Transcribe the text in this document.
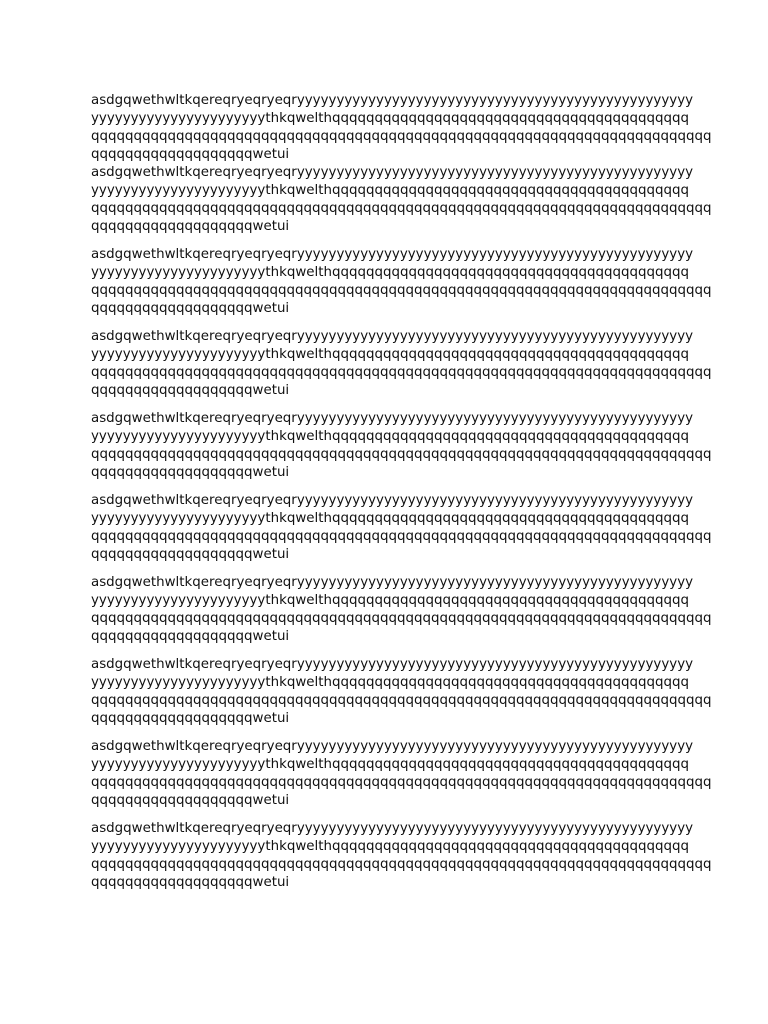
asdgqwethwltkqereqryeqryeqryyyyyyyyyyyyyyyyyyyyyyyyyyyyyyyyyyyyyyyyyyyyyyyyyy
yyyyyyyyyyyyyyyyyyyyyythkqwelthqqqqqqqqqqqqqqqqqqqqqqqqqqqqqqqqqqqqqqqqqq
qqqqqqqqqqqqqqqqqqqqqqqqqqqqqqqqqqqqqqqqqqqqqqqqqqqqqqqqqqqqqqqqqqqqqqqqq
qqqqqqqqqqqqqqqqqqqwetui
asdgqwethwltkqereqryeqryeqryyyyyyyyyyyyyyyyyyyyyyyyyyyyyyyyyyyyyyyyyyyyyyyyyy
yyyyyyyyyyyyyyyyyyyyyythkqwelthqqqqqqqqqqqqqqqqqqqqqqqqqqqqqqqqqqqqqqqqqq
qqqqqqqqqqqqqqqqqqqqqqqqqqqqqqqqqqqqqqqqqqqqqqqqqqqqqqqqqqqqqqqqqqqqqqqqq
qqqqqqqqqqqqqqqqqqqwetui
asdgqwethwltkqereqryeqryeqryyyyyyyyyyyyyyyyyyyyyyyyyyyyyyyyyyyyyyyyyyyyyyyyyy
yyyyyyyyyyyyyyyyyyyyyythkqwelthqqqqqqqqqqqqqqqqqqqqqqqqqqqqqqqqqqqqqqqqqq
qqqqqqqqqqqqqqqqqqqqqqqqqqqqqqqqqqqqqqqqqqqqqqqqqqqqqqqqqqqqqqqqqqqqqqqqq
qqqqqqqqqqqqqqqqqqqwetui
asdgqwethwltkqereqryeqryeqryyyyyyyyyyyyyyyyyyyyyyyyyyyyyyyyyyyyyyyyyyyyyyyyyy
yyyyyyyyyyyyyyyyyyyyyythkqwelthqqqqqqqqqqqqqqqqqqqqqqqqqqqqqqqqqqqqqqqqqq
qqqqqqqqqqqqqqqqqqqqqqqqqqqqqqqqqqqqqqqqqqqqqqqqqqqqqqqqqqqqqqqqqqqqqqqqq
qqqqqqqqqqqqqqqqqqqwetui
asdgqwethwltkqereqryeqryeqryyyyyyyyyyyyyyyyyyyyyyyyyyyyyyyyyyyyyyyyyyyyyyyyyy
yyyyyyyyyyyyyyyyyyyyyythkqwelthqqqqqqqqqqqqqqqqqqqqqqqqqqqqqqqqqqqqqqqqqq
qqqqqqqqqqqqqqqqqqqqqqqqqqqqqqqqqqqqqqqqqqqqqqqqqqqqqqqqqqqqqqqqqqqqqqqqq
qqqqqqqqqqqqqqqqqqqwetui
asdgqwethwltkqereqryeqryeqryyyyyyyyyyyyyyyyyyyyyyyyyyyyyyyyyyyyyyyyyyyyyyyyyy
yyyyyyyyyyyyyyyyyyyyyythkqwelthqqqqqqqqqqqqqqqqqqqqqqqqqqqqqqqqqqqqqqqqqq
qqqqqqqqqqqqqqqqqqqqqqqqqqqqqqqqqqqqqqqqqqqqqqqqqqqqqqqqqqqqqqqqqqqqqqqqq
qqqqqqqqqqqqqqqqqqqwetui
asdgqwethwltkqereqryeqryeqryyyyyyyyyyyyyyyyyyyyyyyyyyyyyyyyyyyyyyyyyyyyyyyyyy
yyyyyyyyyyyyyyyyyyyyyythkqwelthqqqqqqqqqqqqqqqqqqqqqqqqqqqqqqqqqqqqqqqqqq
qqqqqqqqqqqqqqqqqqqqqqqqqqqqqqqqqqqqqqqqqqqqqqqqqqqqqqqqqqqqqqqqqqqqqqqqq
qqqqqqqqqqqqqqqqqqqwetui
asdgqwethwltkqereqryeqryeqryyyyyyyyyyyyyyyyyyyyyyyyyyyyyyyyyyyyyyyyyyyyyyyyyy
yyyyyyyyyyyyyyyyyyyyyythkqwelthqqqqqqqqqqqqqqqqqqqqqqqqqqqqqqqqqqqqqqqqqq
qqqqqqqqqqqqqqqqqqqqqqqqqqqqqqqqqqqqqqqqqqqqqqqqqqqqqqqqqqqqqqqqqqqqqqqqq
qqqqqqqqqqqqqqqqqqqwetui
asdgqwethwltkqereqryeqryeqryyyyyyyyyyyyyyyyyyyyyyyyyyyyyyyyyyyyyyyyyyyyyyyyyy
yyyyyyyyyyyyyyyyyyyyyythkqwelthqqqqqqqqqqqqqqqqqqqqqqqqqqqqqqqqqqqqqqqqqq
qqqqqqqqqqqqqqqqqqqqqqqqqqqqqqqqqqqqqqqqqqqqqqqqqqqqqqqqqqqqqqqqqqqqqqqqq
qqqqqqqqqqqqqqqqqqqwetui
asdgqwethwltkqereqryeqryeqryyyyyyyyyyyyyyyyyyyyyyyyyyyyyyyyyyyyyyyyyyyyyyyyyy
yyyyyyyyyyyyyyyyyyyyyythkqwelthqqqqqqqqqqqqqqqqqqqqqqqqqqqqqqqqqqqqqqqqqq
qqqqqqqqqqqqqqqqqqqqqqqqqqqqqqqqqqqqqqqqqqqqqqqqqqqqqqqqqqqqqqqqqqqqqqqqq
qqqqqqqqqqqqqqqqqqqwetui
